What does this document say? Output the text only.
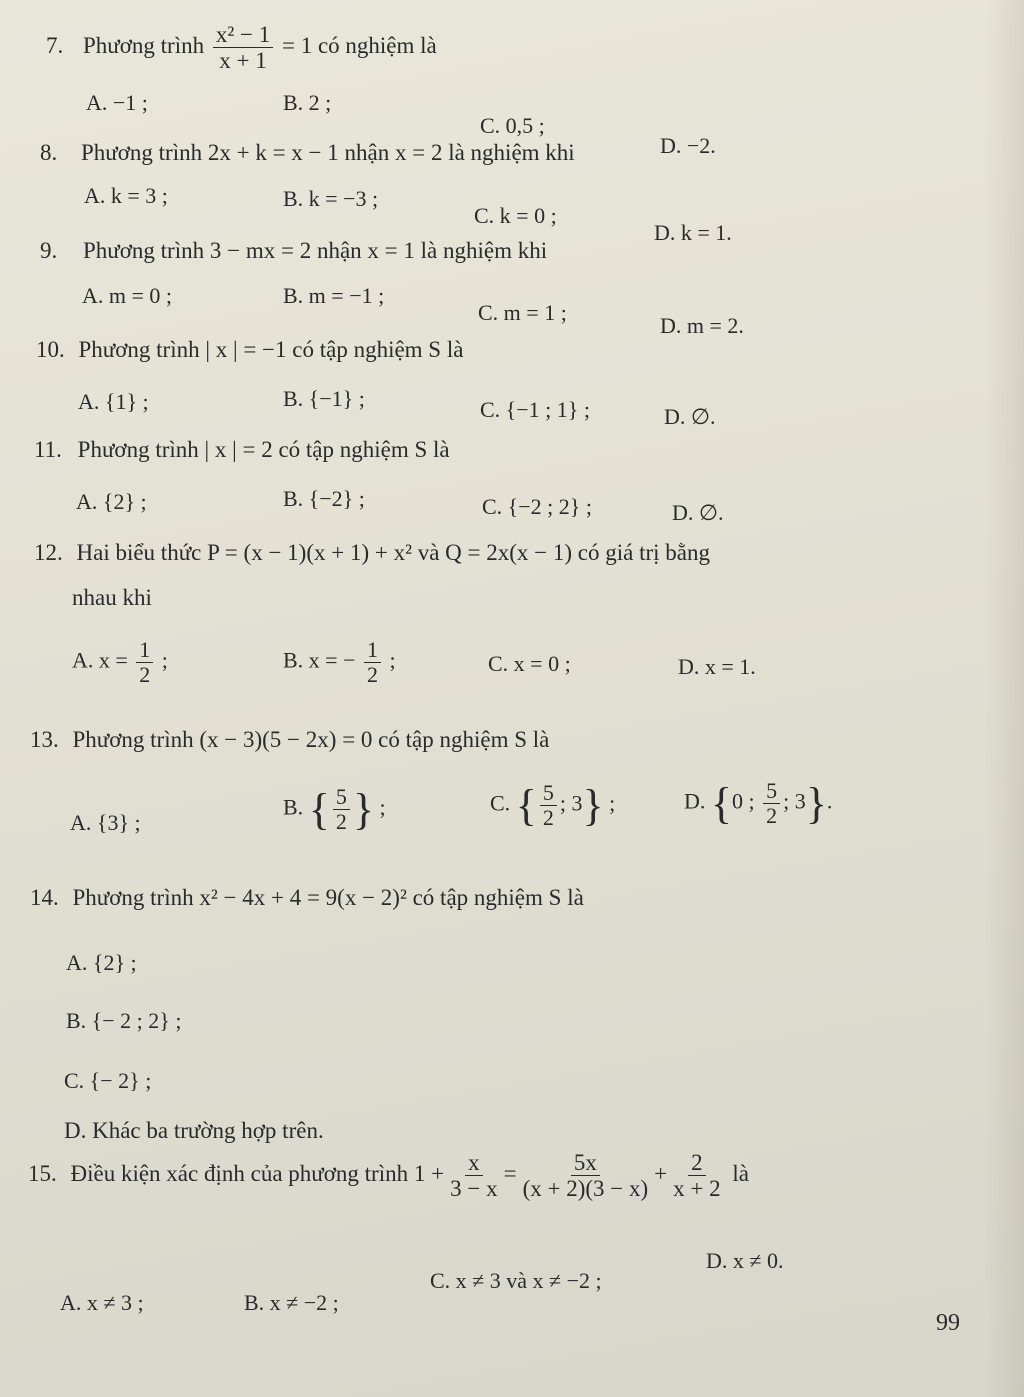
7. Phương trình $\frac{\text{x² − 1}}{x + 1} = 1$ có nghiệm là
A. −1 ;	B. 2 ;
C. 0,5 ;
D. −2.
8. Phương trình 2x + k = x − 1 nhận x = 2 là nghiệm khi
A. k = 3 ;	B. k = −3 ;
C. k = 0 ;
D. k = 1.
9. Phương trình 3 − mx = 2 nhận x = 1 là nghiệm khi
A. m = 0 ;	B. m = −1 ;
C. m = 1 ;
D. m = 2.
10. Phương trình | x | = −1 có tập nghiệm S là
A. {1} ;	B. {−1} ;	C. {−1 ; 1} ;	D. ∅.
11. Phương trình | x | = 2 có tập nghiệm S là
A. {2} ;	B. {−2} ;	C. {−2 ; 2} ;	D. ∅.
12. Hai biểu thức P = (x − 1)(x + 1) + x² và Q = 2x(x − 1) có giá trị bằng
nhau khi
A. $x = \frac{1}{2}$ ;	B. x = − $\frac{1}{2}$ ;	C. x = 0 ;	D. x = 1.
13. Phương trình (x − 3)(5 − 2x) = 0 có tập nghiệm S là
A. {3} ;
B. { $\frac{5}{2}$ } ;	C. { $\frac{5}{2}$ ; 3} ;	D. {0 ; $\frac{5}{2}$ ; 3}.
14. Phương trình x² − 4x + 4 = 9(x − 2)² có tập nghiệm S là
A. {2} ;
B. {− 2 ; 2} ;
C. {− 2} ;
D. Khác ba trường hợp trên.
15. Điều kiện xác định của phương trình $1 + \frac{x}{3 - x} = \frac{5x}{(x + 2)(3 - x)} + \frac{2}{x + 2}$ là
A. x ≠ 3 ;	B. x ≠ −2 ;
C. x ≠ 3 và x ≠ −2 ;
D. x ≠ 0.
99
